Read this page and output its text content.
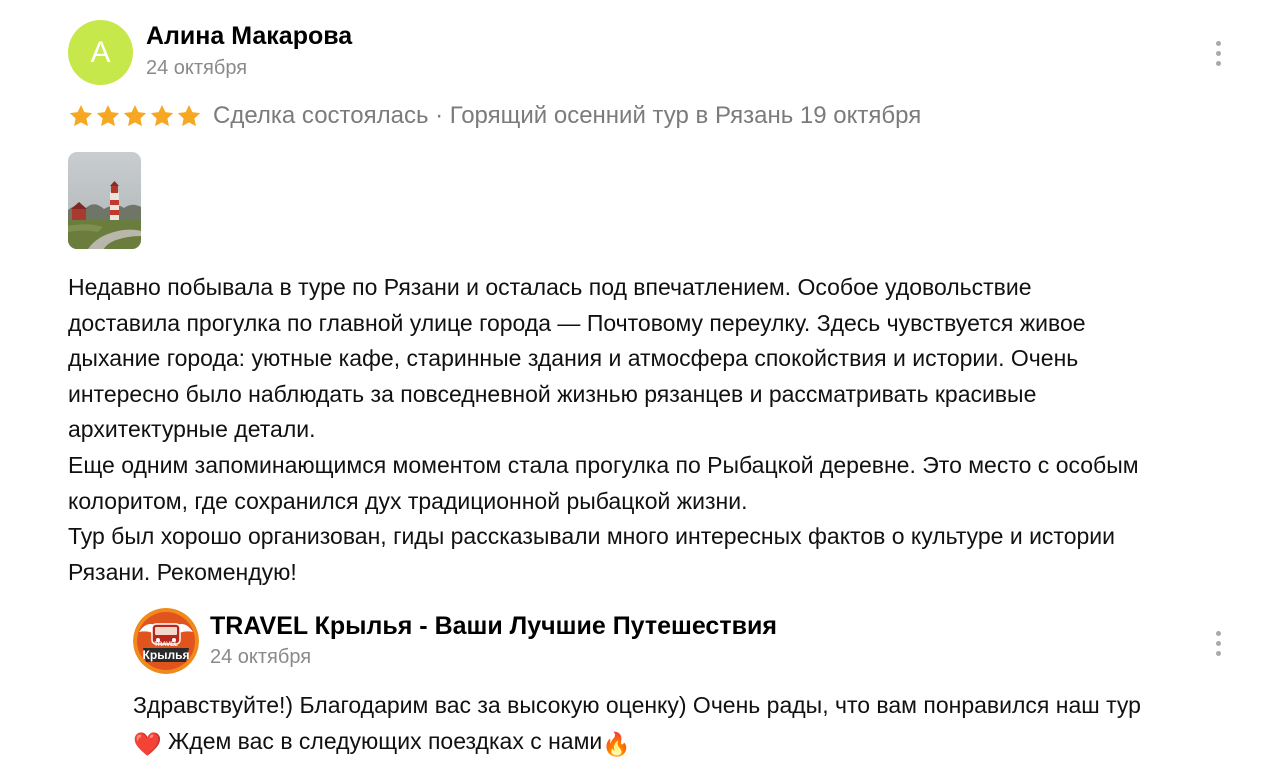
А	Алина Макарова
24 октября
Сделка состоялась · Горящий осенний тур в Рязань 19 октября

Недавно побывала в туре по Рязани и осталась под впечатлением. Особое удовольствие

доставила прогулка по главной улице города — Почтовому переулку. Здесь чувствуется живое

дыхание города: уютные кафе, старинные здания и атмосфера спокойствия и истории. Очень

интересно было наблюдать за повседневной жизнью рязанцев и рассматривать красивые

архитектурные детали.

Еще одним запоминающимся моментом стала прогулка по Рыбацкой деревне. Это место с особым

колоритом, где сохранился дух традиционной рыбацкой жизни.

Тур был хорошо организован, гиды рассказывали много интересных фактов о культуре и истории

Рязани. Рекомендую!

TRAVEL
Крылья
TRAVEL Крылья - Ваши Лучшие Путешествия
24 октября

Здравствуйте!) Благодарим вас за высокую оценку) Очень рады, что вам понравился наш тур

❤️ Ждем вас в следующих поездках с нами🔥
